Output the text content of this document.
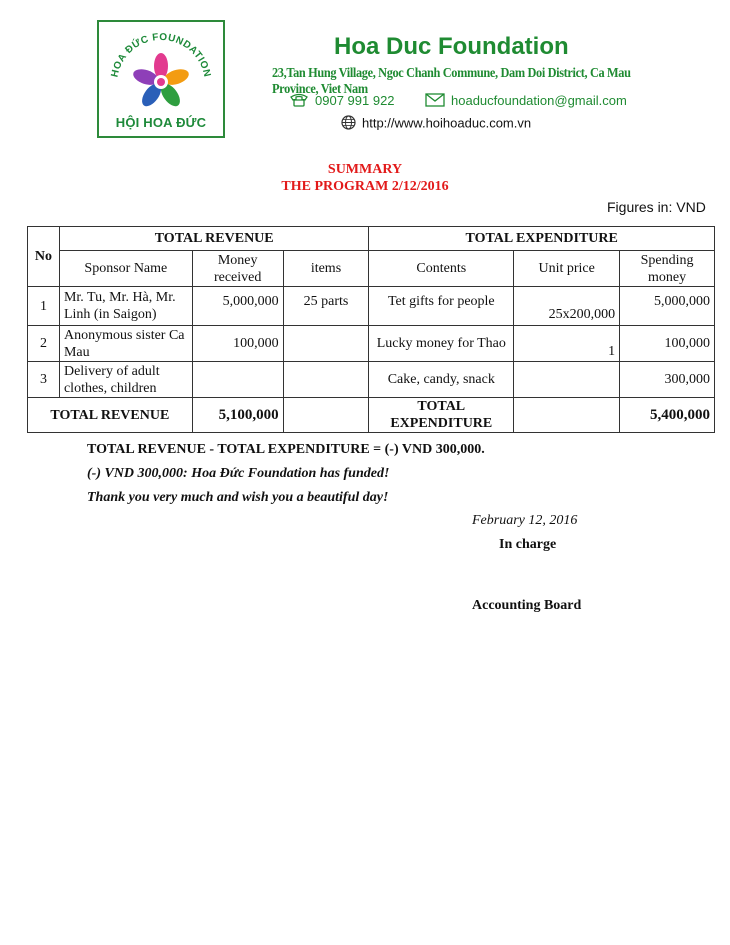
HOA ĐỨC FOUNDATION
HỘI HOA ĐỨC
Hoa Duc Foundation
23,Tan Hung Village, Ngoc Chanh Commune, Dam Doi District, Ca Mau Province, Viet Nam
0907 991 922	hoaducfoundation@gmail.com
http://www.hoihoaduc.com.vn
SUMMARY
THE PROGRAM 2/12/2016
Figures in: VND
No	TOTAL REVENUE			TOTAL EXPENDITURE		
	Sponsor Name	Money received	items	Contents	Unit price	Spending money
1	Mr. Tu, Mr. Hà, Mr. Linh (in Saigon)	5,000,000	25 parts	Tet gifts for people	25x200,000	5,000,000
2	Anonymous sister Ca Mau	100,000		Lucky money for Thao	1	100,000
3	Delivery of adult clothes, children			Cake, candy, snack		300,000
TOTAL REVENUE		5,100,000		TOTAL EXPENDITURE		5,400,000
TOTAL REVENUE - TOTAL EXPENDITURE = (-) VND 300,000.
(-) VND 300,000: Hoa Đức Foundation has funded!
Thank you very much and wish you a beautiful day!
February 12, 2016
In charge
Accounting Board
